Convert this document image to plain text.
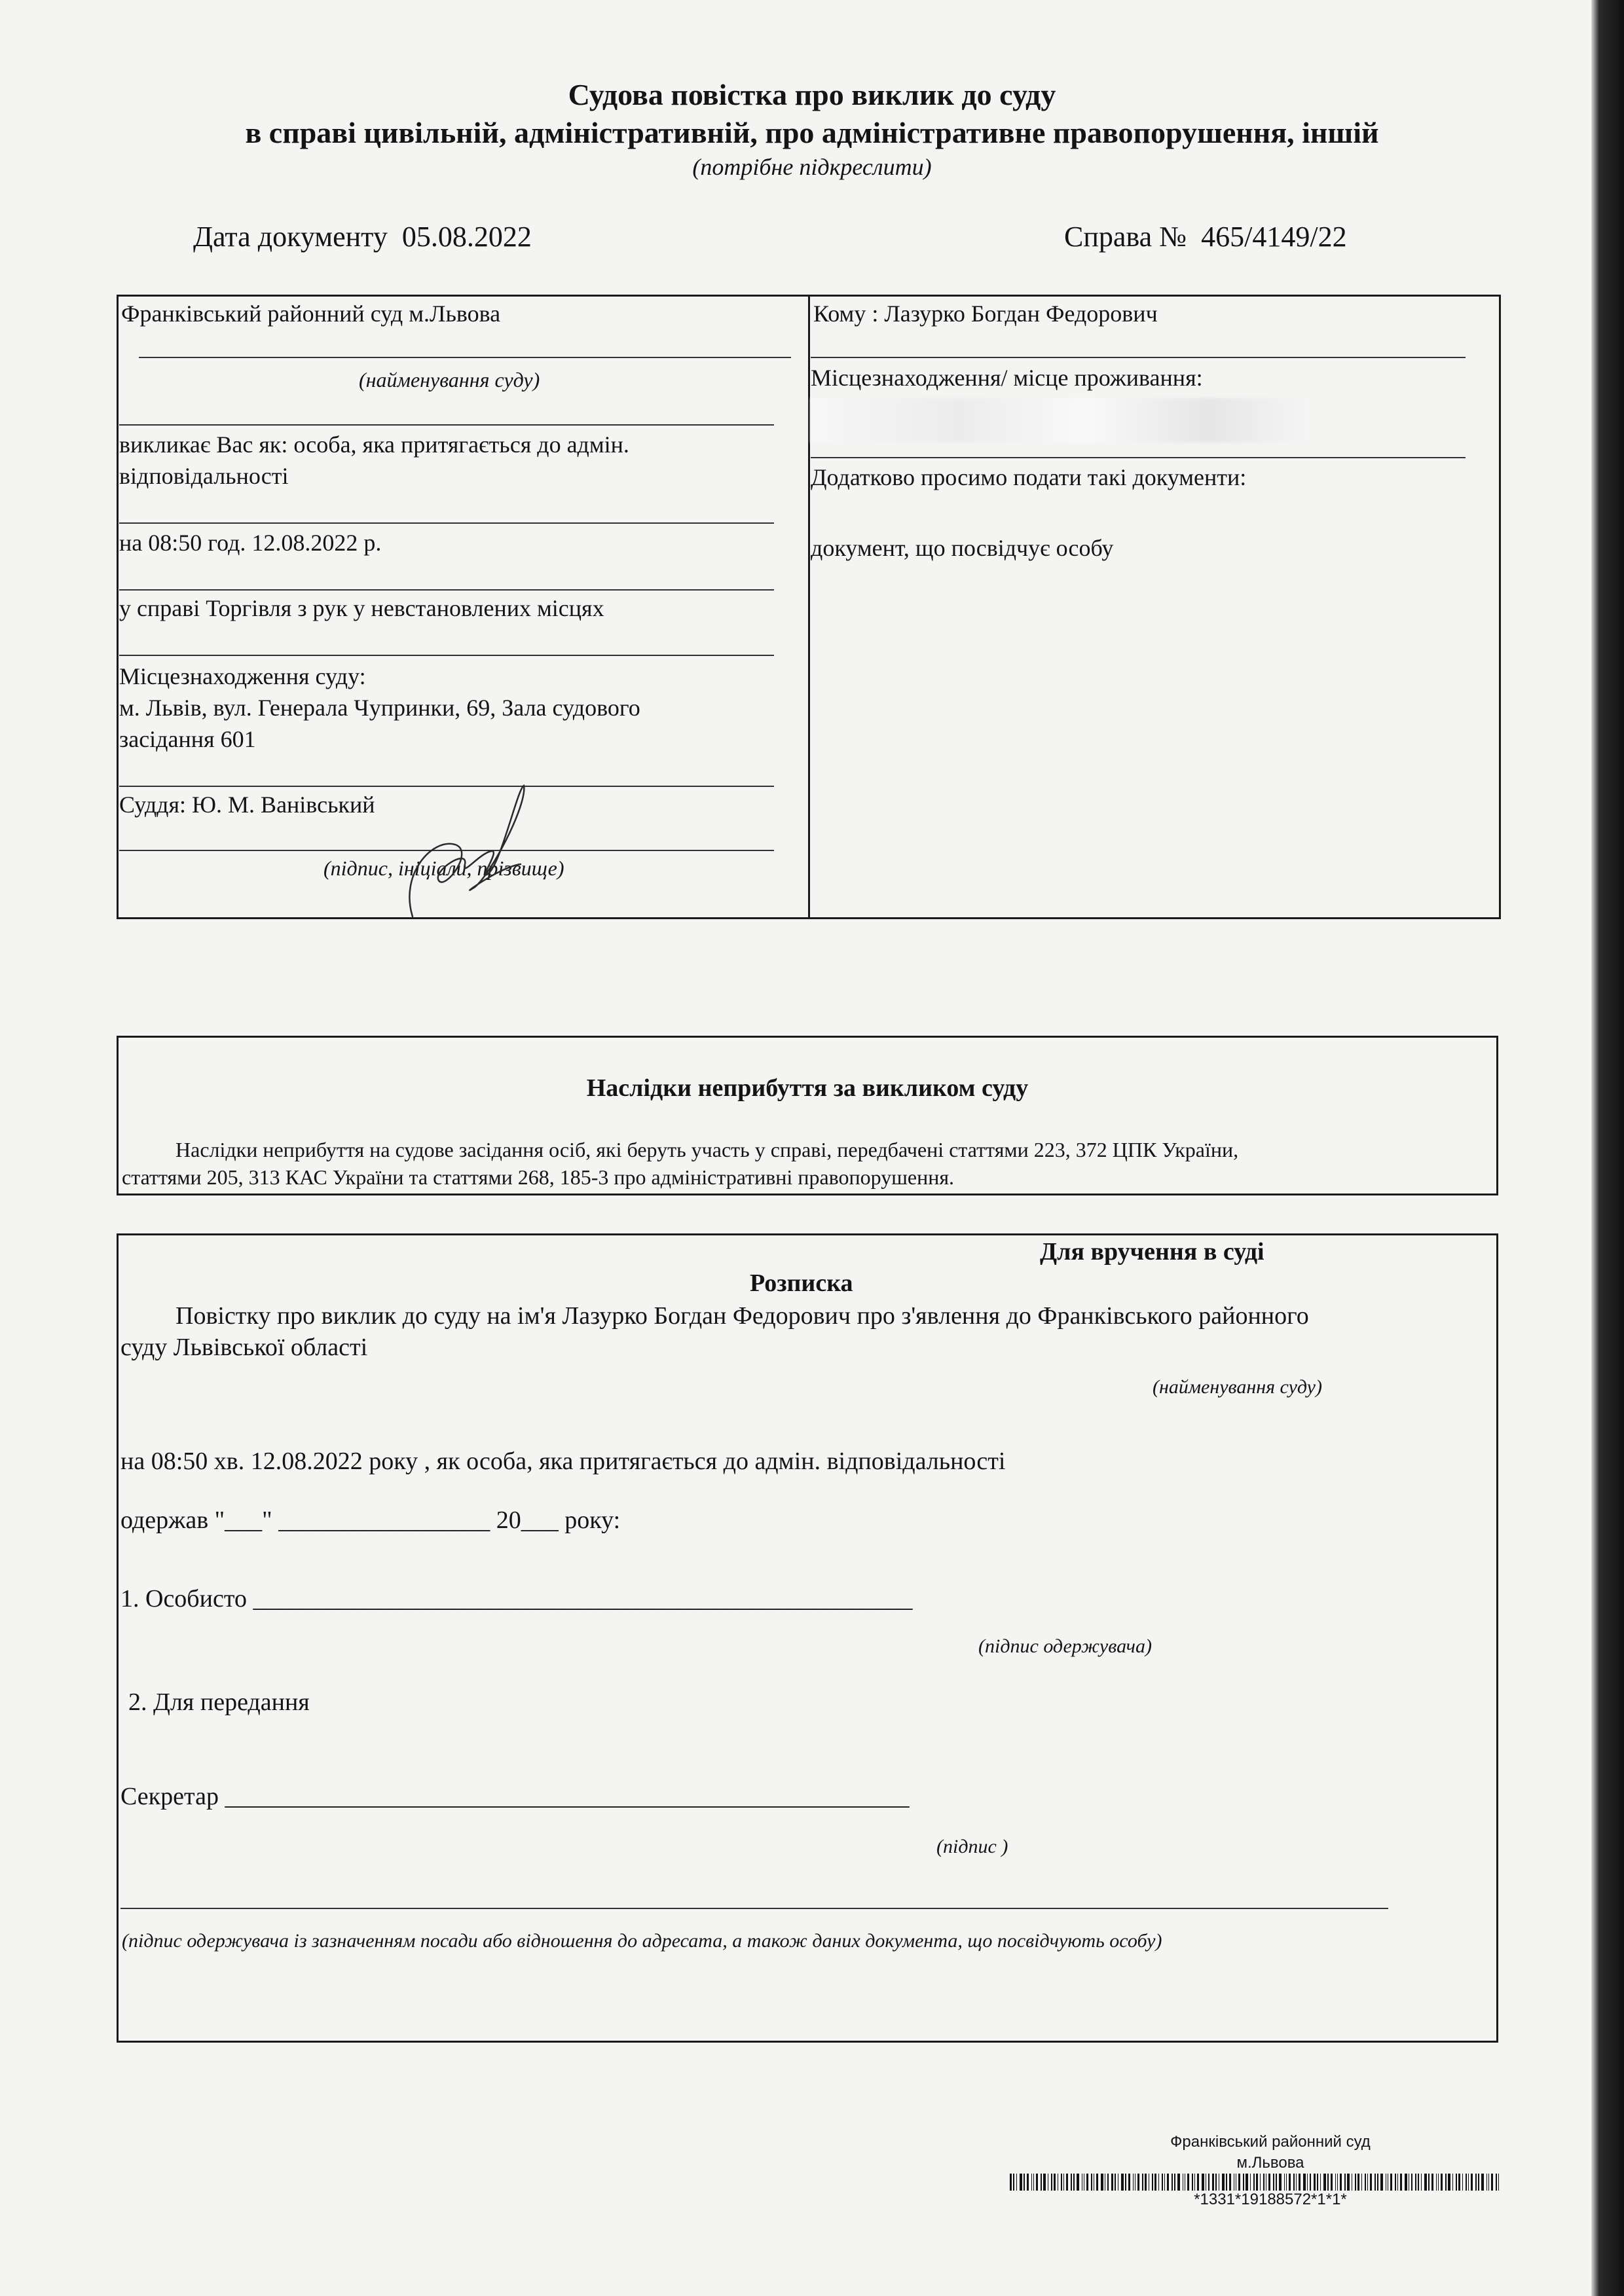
Судова повістка про виклик до суду
в справі цивільній, адміністративній, про адміністративне правопорушення, іншій
(потрібне підкреслити)
Дата документу 05.08.2022	Справа № 465/4149/22
Франківський районний суд м.Львова
(найменування суду)
викликає Вас як: особа, яка притягається до адмін.
відповідальності
на 08:50 год. 12.08.2022 р.
у справі Торгівля з рук у невстановлених місцях
Місцезнаходження суду:
м. Львів, вул. Генерала Чупринки, 69, Зала судового
засідання 601
Суддя: Ю. М. Ванівський
(підпис, ініціали, прізвище)
Кому : Лазурко Богдан Федорович
Місцезнаходження/ місце проживання:
Додатково просимо подати такі документи:
документ, що посвідчує особу
Наслідки неприбуття за викликом суду
Наслідки неприбуття на судове засідання осіб, які беруть участь у справі, передбачені статтями 223, 372 ЦПК України,
статтями 205, 313 КАС України та статтями 268, 185-3 про адміністративні правопорушення.
Для вручення в суді
Розписка
Повістку про виклик до суду на ім'я Лазурко Богдан Федорович про з'явлення до Франківського районного
суду Львівської області
(найменування суду)
на 08:50 хв. 12.08.2022 року , як особа, яка притягається до адмін. відповідальності
одержав "___" _________________ 20___ року:
1. Особисто _____________________________________________________
(підпис одержувача)
2. Для передання
Секретар _______________________________________________________
(підпис )
(підпис одержувача із зазначенням посади або відношення до адресата, а також даних документа, що посвідчують особу)
Франківський районний суд
м.Львова
*1331*19188572*1*1*
